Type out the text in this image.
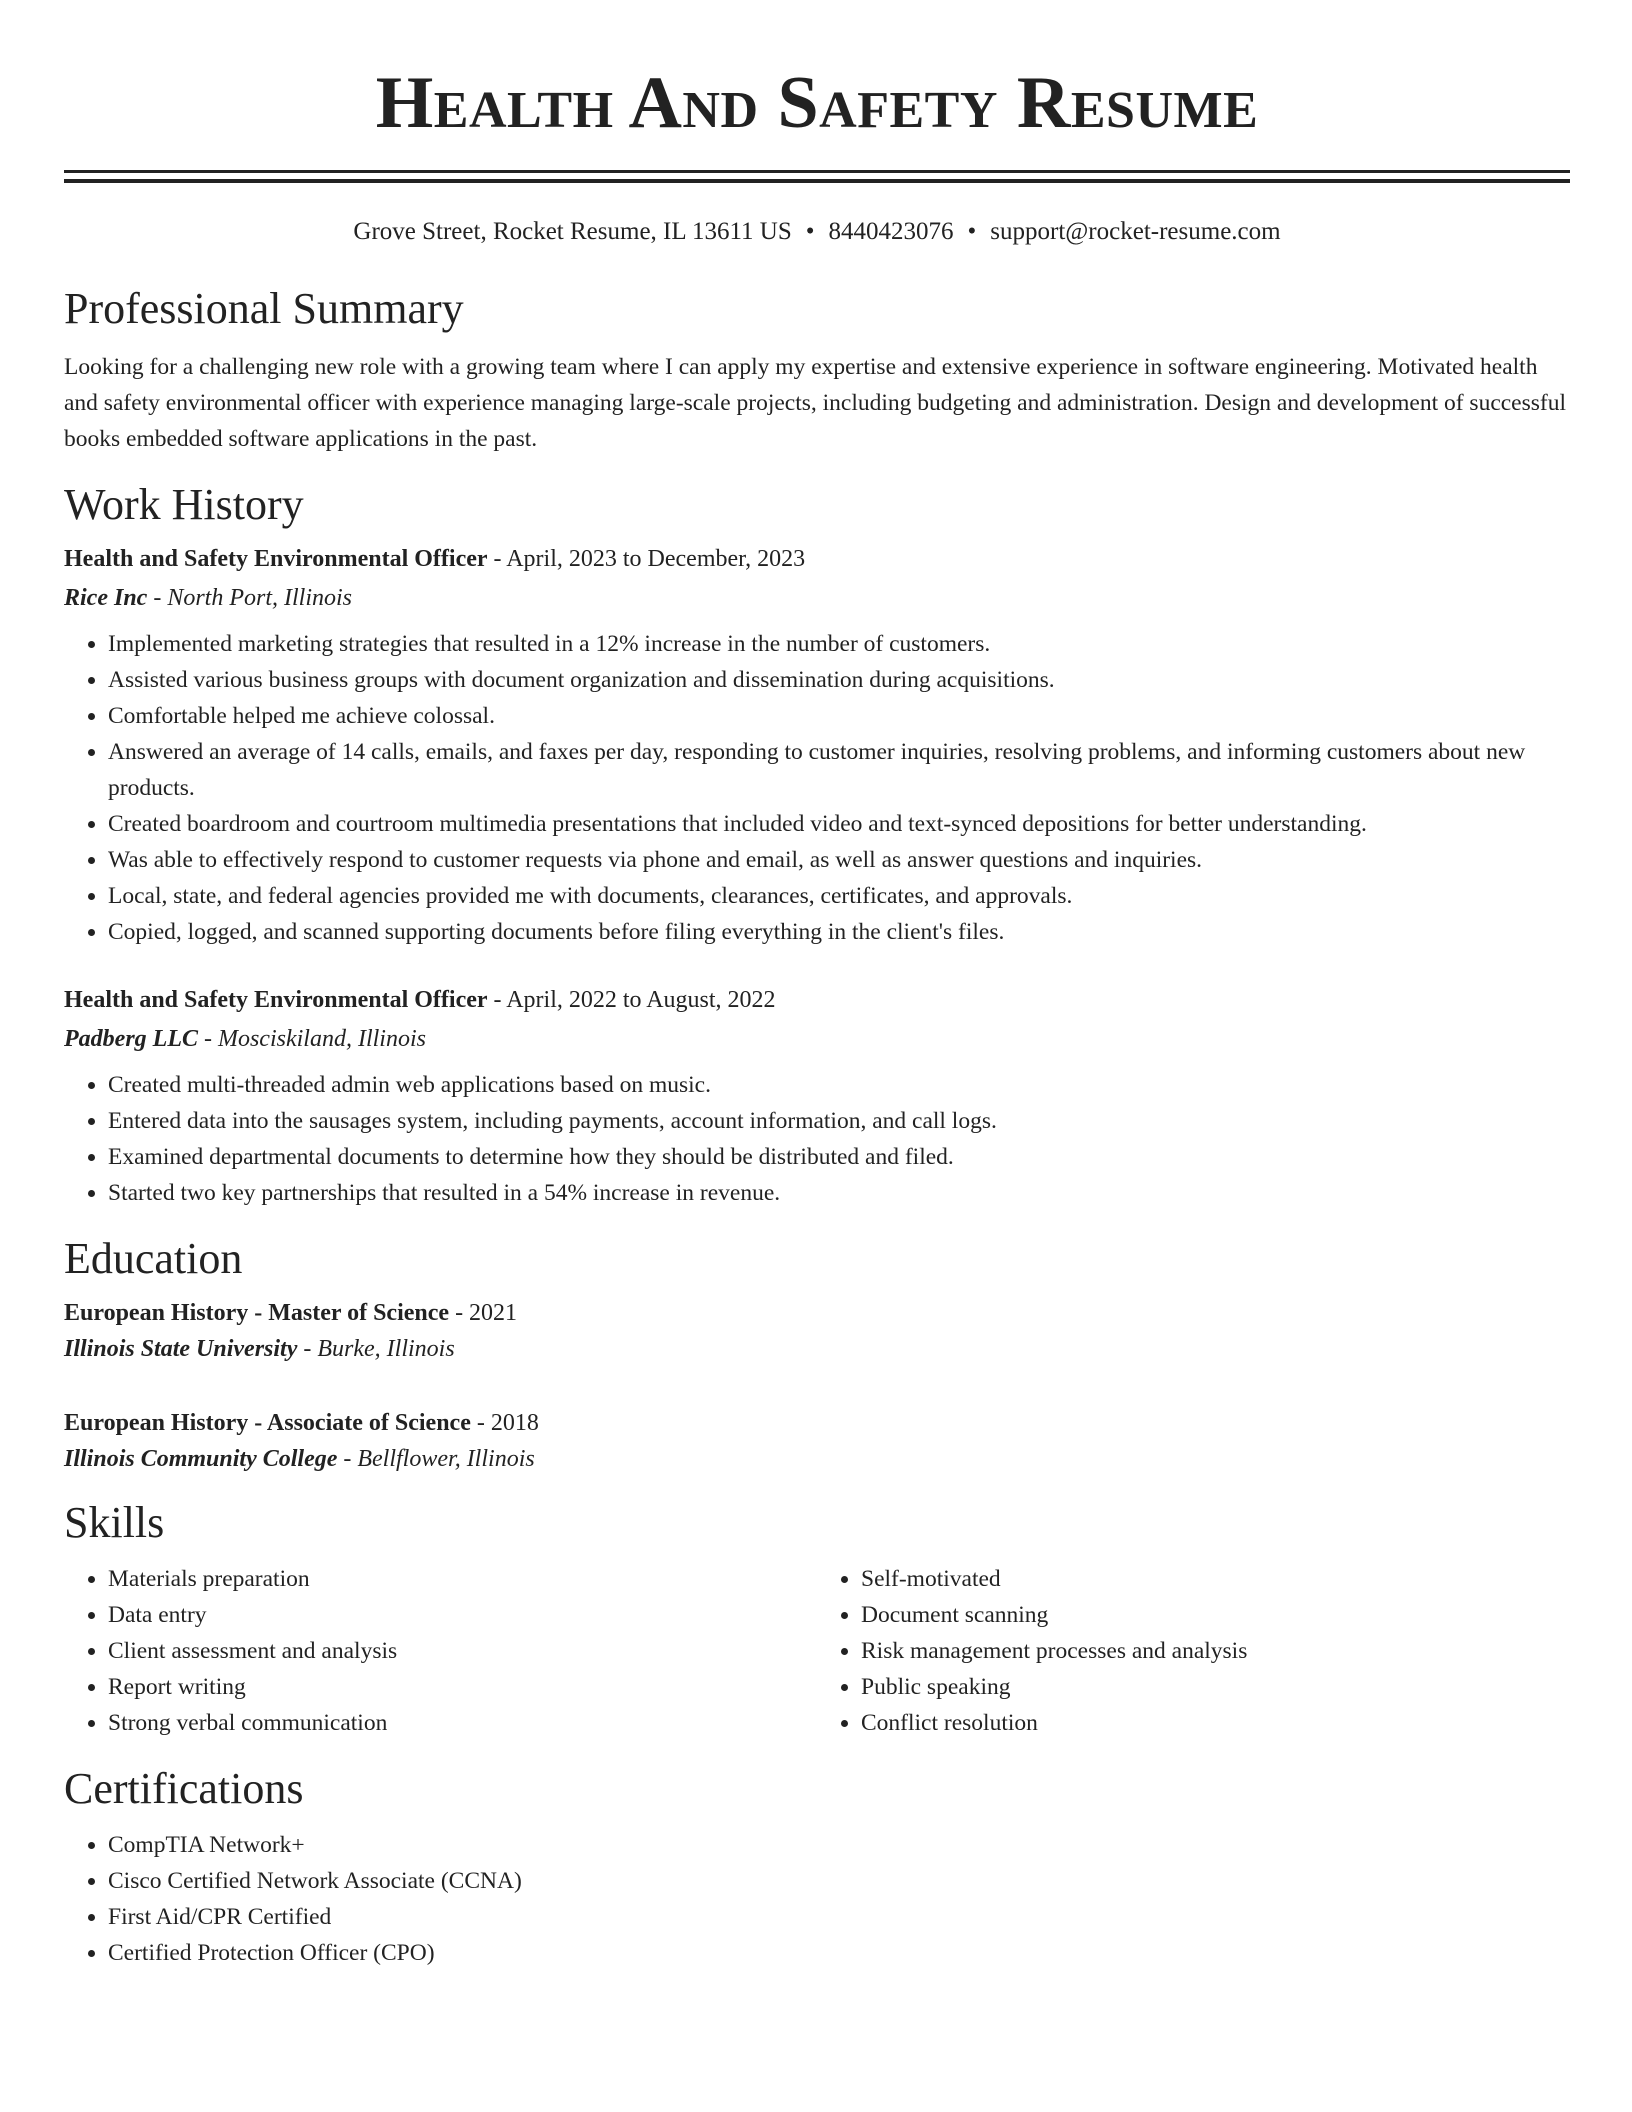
Health And Safety Resume
Grove Street, Rocket Resume, IL 13611 US • 8440423076 • support@rocket-resume.com
Professional Summary

Looking for a challenging new role with a growing team where I can apply my expertise and extensive experience in software engineering. Motivated health and safety environmental officer with experience managing large-scale projects, including budgeting and administration. Design and development of successful books embedded software applications in the past.

Work History
Health and Safety Environmental Officer - April, 2023 to December, 2023
Rice Inc - North Port, Illinois
• Implemented marketing strategies that resulted in a 12% increase in the number of customers.
• Assisted various business groups with document organization and dissemination during acquisitions.
• Comfortable helped me achieve colossal.
• Answered an average of 14 calls, emails, and faxes per day, responding to customer inquiries, resolving problems, and informing customers about new products.
• Created boardroom and courtroom multimedia presentations that included video and text-synced depositions for better understanding.
• Was able to effectively respond to customer requests via phone and email, as well as answer questions and inquiries.
• Local, state, and federal agencies provided me with documents, clearances, certificates, and approvals.
• Copied, logged, and scanned supporting documents before filing everything in the client's files.
Health and Safety Environmental Officer - April, 2022 to August, 2022
Padberg LLC - Mosciskiland, Illinois
• Created multi-threaded admin web applications based on music.
• Entered data into the sausages system, including payments, account information, and call logs.
• Examined departmental documents to determine how they should be distributed and filed.
• Started two key partnerships that resulted in a 54% increase in revenue.
Education
European History - Master of Science - 2021
Illinois State University - Burke, Illinois
European History - Associate of Science - 2018
Illinois Community College - Bellflower, Illinois
Skills
• Materials preparation
• Data entry
• Client assessment and analysis
• Report writing
• Strong verbal communication
• Self-motivated
• Document scanning
• Risk management processes and analysis
• Public speaking
• Conflict resolution
Certifications
• CompTIA Network+
• Cisco Certified Network Associate (CCNA)
• First Aid/CPR Certified
• Certified Protection Officer (CPO)
